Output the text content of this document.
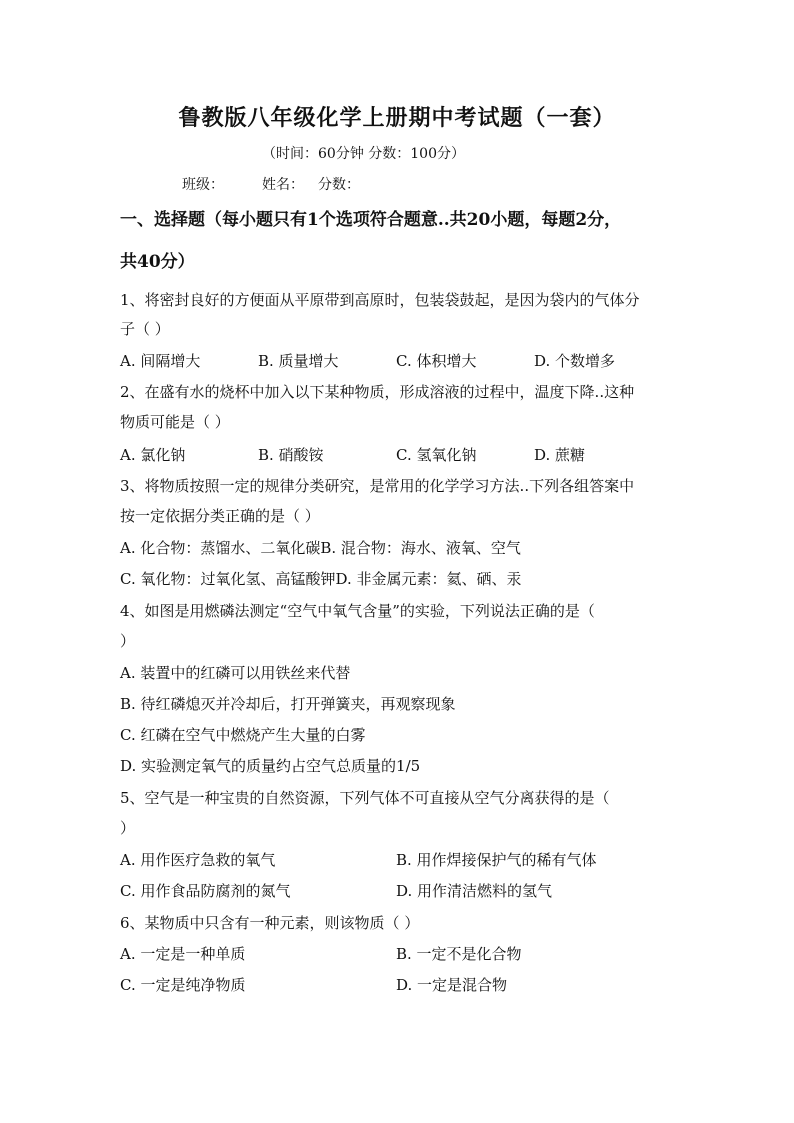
鲁教版八年级化学上册期中考试题（一套）
（时间：60分钟 分数：100分）
班级：	姓名： 分数：
一、选择题（每小题只有1个选项符合题意..共20小题，每题2分，
共40分）
1、将密封良好的方便面从平原带到高原时，包装袋鼓起，是因为袋内的气体分
子（ ）
A. 间隔增大	B. 质量增大	C. 体积增大	D. 个数增多
2、在盛有水的烧杯中加入以下某种物质，形成溶液的过程中，温度下降..这种
物质可能是（ ）
A. 氯化钠	B. 硝酸铵	C. 氢氧化钠	D. 蔗糖
3、将物质按照一定的规律分类研究，是常用的化学学习方法..下列各组答案中
按一定依据分类正确的是（ ）
A. 化合物：蒸馏水、二氧化碳B. 混合物：海水、液氧、空气
C. 氧化物：过氧化氢、高锰酸钾D. 非金属元素：氦、硒、汞
4、如图是用燃磷法测定“空气中氧气含量”的实验，下列说法正确的是（
）
A. 装置中的红磷可以用铁丝来代替
B. 待红磷熄灭并冷却后，打开弹簧夹，再观察现象
C. 红磷在空气中燃烧产生大量的白雾
D. 实验测定氧气的质量约占空气总质量的1/5
5、空气是一种宝贵的自然资源，下列气体不可直接从空气分离获得的是（
）
A. 用作医疗急救的氧气	B. 用作焊接保护气的稀有气体
C. 用作食品防腐剂的氮气	D. 用作清洁燃料的氢气
6、某物质中只含有一种元素，则该物质（ ）
A. 一定是一种单质	B. 一定不是化合物
C. 一定是纯净物质	D. 一定是混合物
